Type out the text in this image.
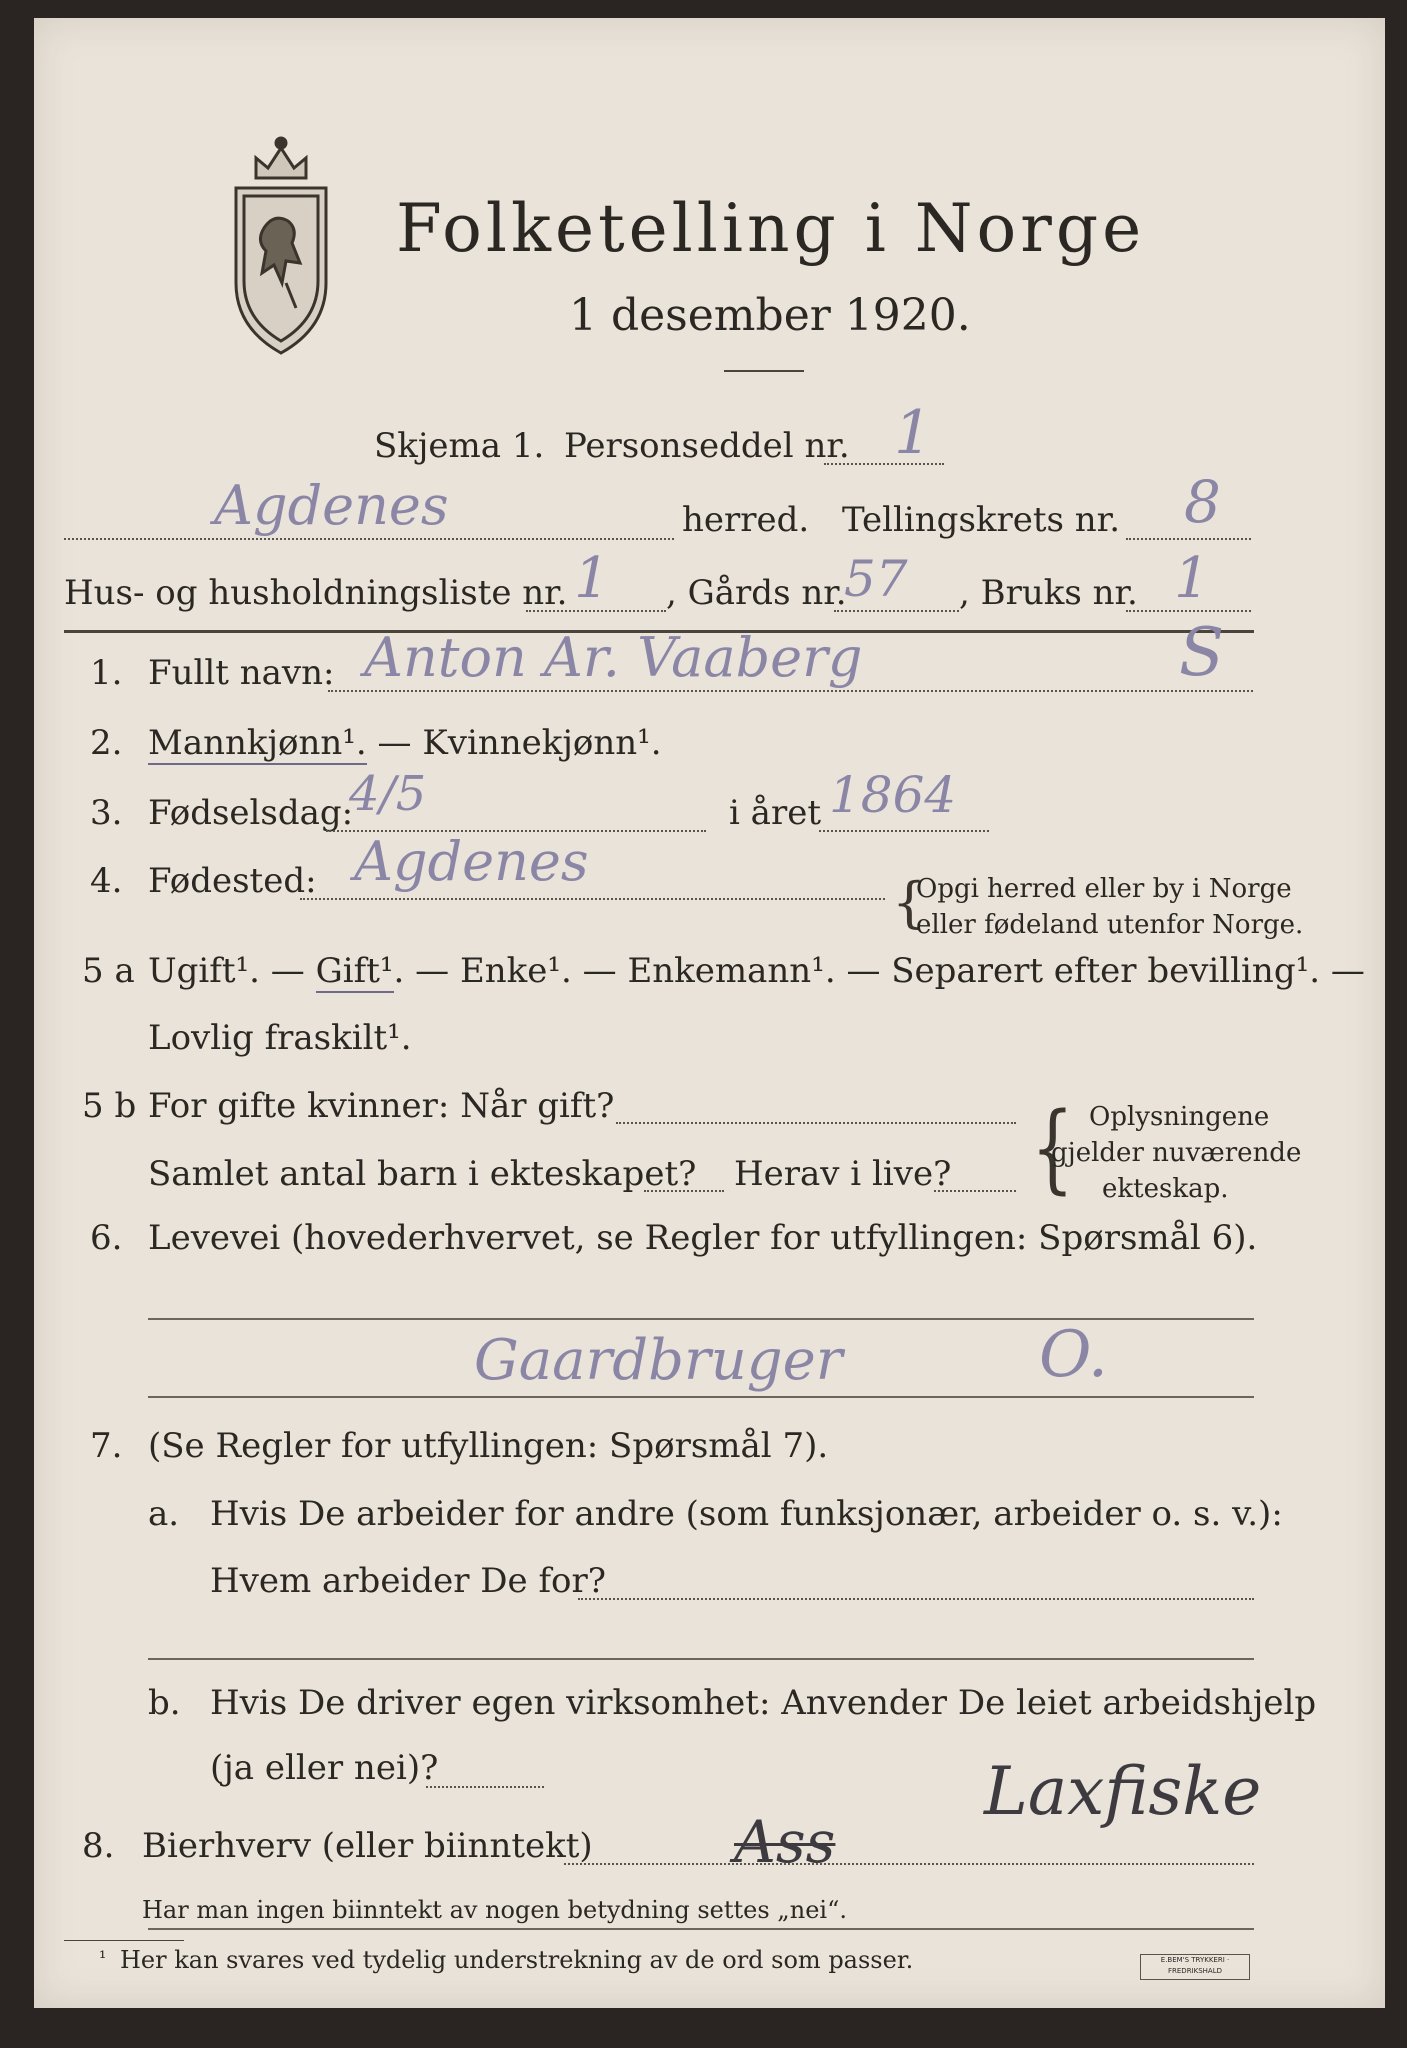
Folketelling i Norge
1 desember 1920.
Skjema 1. Personseddel nr. 1
Agdenes	herred. Tellingskrets nr. 8
Hus- og husholdningsliste nr. 1 , Gårds nr.
57 , Bruks nr. 1
1. Fullt navn: Anton Ar. Vaaberg	S
2. Mannkjønn¹. — Kvinnekjønn¹.
3. Fødselsdag:
4/5	i året 1864
4. Fødested: Agdenes
{
Opgi herred eller by i Norge
eller fødeland utenfor Norge.
5 a Ugift¹. — Gift¹. — Enke¹. — Enkemann¹. — Separert efter bevilling¹. —
Lovlig fraskilt¹.
5 b For gifte kvinner: Når gift?
Samlet antal barn i ekteskapet? Herav i live? { Oplysningene
gjelder nuværende
ekteskap.
6. Levevei (hovederhvervet, se Regler for utfyllingen: Spørsmål 6).
Gaardbruger	O.
7. (Se Regler for utfyllingen: Spørsmål 7).
a. Hvis De arbeider for andre (som funksjonær, arbeider o. s. v.):
Hvem arbeider De for?
b. Hvis De driver egen virksomhet: Anvender De leiet arbeidshjelp
(ja eller nei)?
8. Bierhverv (eller biinntekt) Ass
Laxfiske
Har man ingen biinntekt av nogen betydning settes „nei“.
¹ Her kan svares ved tydelig understrekning av de ord som passer.	E.BEM'S TRYKKERI · FREDRIKSHALD
